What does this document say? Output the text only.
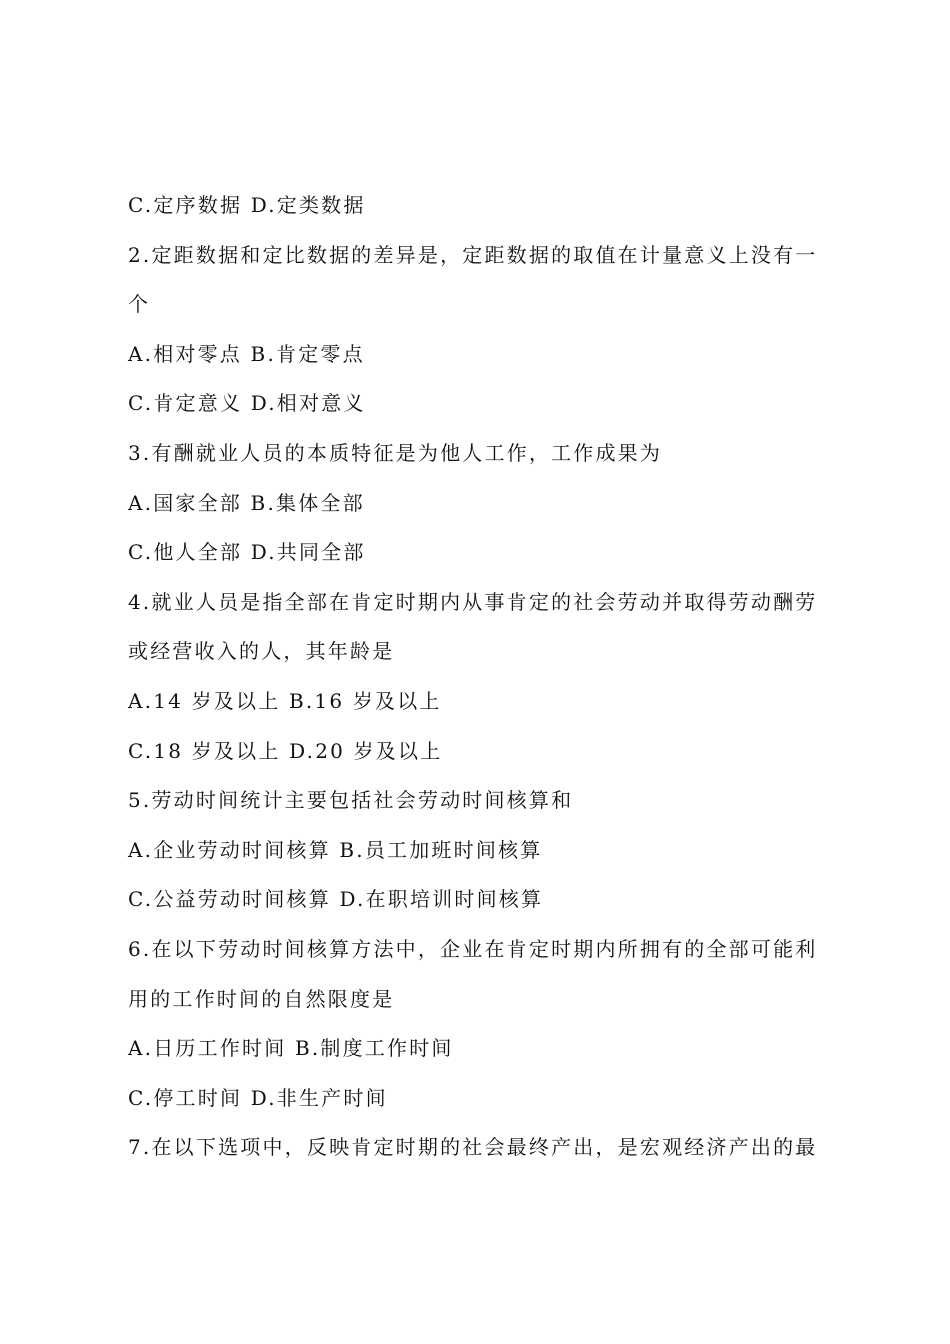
C.定序数据 D.定类数据
2.定距数据和定比数据的差异是，定距数据的取值在计量意义上没有一
个
A.相对零点 B.肯定零点
C.肯定意义 D.相对意义
3.有酬就业人员的本质特征是为他人工作，工作成果为
A.国家全部 B.集体全部
C.他人全部 D.共同全部
4.就业人员是指全部在肯定时期内从事肯定的社会劳动并取得劳动酬劳
或经营收入的人，其年龄是
A.14 岁及以上 B.16 岁及以上
C.18 岁及以上 D.20 岁及以上
5.劳动时间统计主要包括社会劳动时间核算和
A.企业劳动时间核算 B.员工加班时间核算
C.公益劳动时间核算 D.在职培训时间核算
6.在以下劳动时间核算方法中，企业在肯定时期内所拥有的全部可能利
用的工作时间的自然限度是
A.日历工作时间 B.制度工作时间
C.停工时间 D.非生产时间
7.在以下选项中，反映肯定时期的社会最终产出，是宏观经济产出的最
